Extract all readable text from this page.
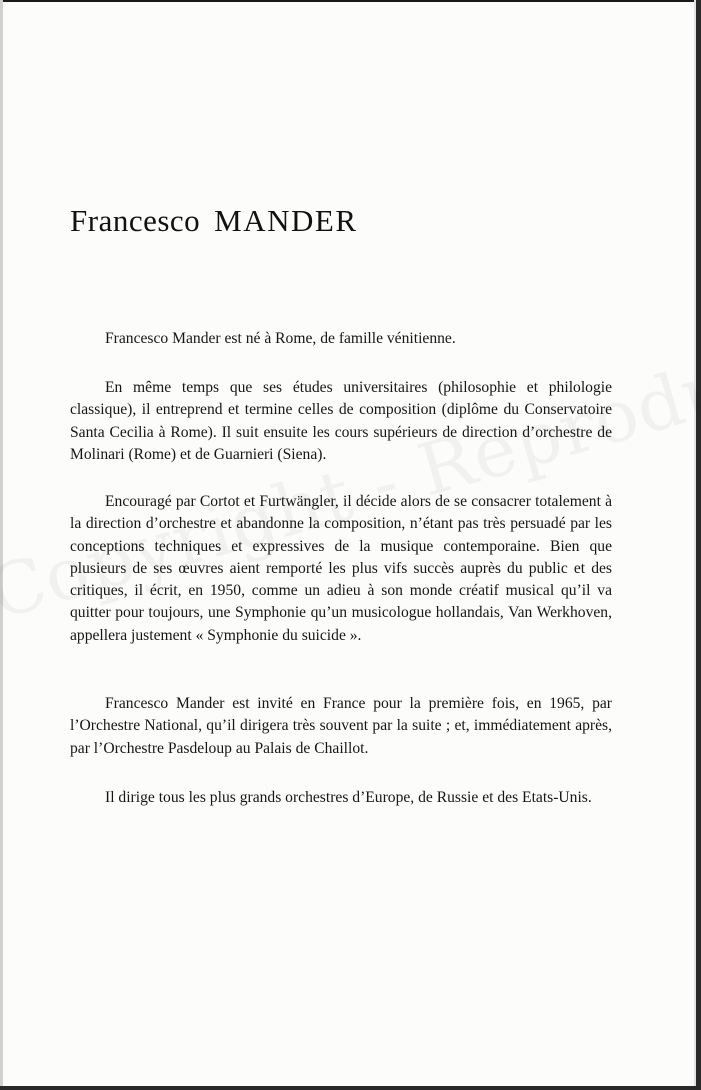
Francesco MANDER

Francesco Mander est né à Rome, de famille vénitienne.

En même temps que ses études universitaires (philosophie et philologie classique), il entreprend et termine celles de composition (diplôme du Conservatoire Santa Cecilia à Rome). Il suit ensuite les cours supérieurs de direction d’orchestre de Molinari (Rome) et de Guarnieri (Siena).

Encouragé par Cortot et Furtwängler, il décide alors de se consacrer totalement à la direction d’orchestre et abandonne la composition, n’étant pas très persuadé par les conceptions techniques et expressives de la musique contemporaine. Bien que plusieurs de ses œuvres aient remporté les plus vifs succès auprès du public et des critiques, il écrit, en 1950, comme un adieu à son monde créatif musical qu’il va quitter pour toujours, une Symphonie qu’un musicologue hollandais, Van Werkhoven, appellera justement « Symphonie du suicide ».

Francesco Mander est invité en France pour la première fois, en 1965, par l’Orchestre National, qu’il dirigera très souvent par la suite ; et, immédiatement après, par l’Orchestre Pasdeloup au Palais de Chaillot.

Il dirige tous les plus grands orchestres d’Europe, de Russie et des Etats-Unis.
